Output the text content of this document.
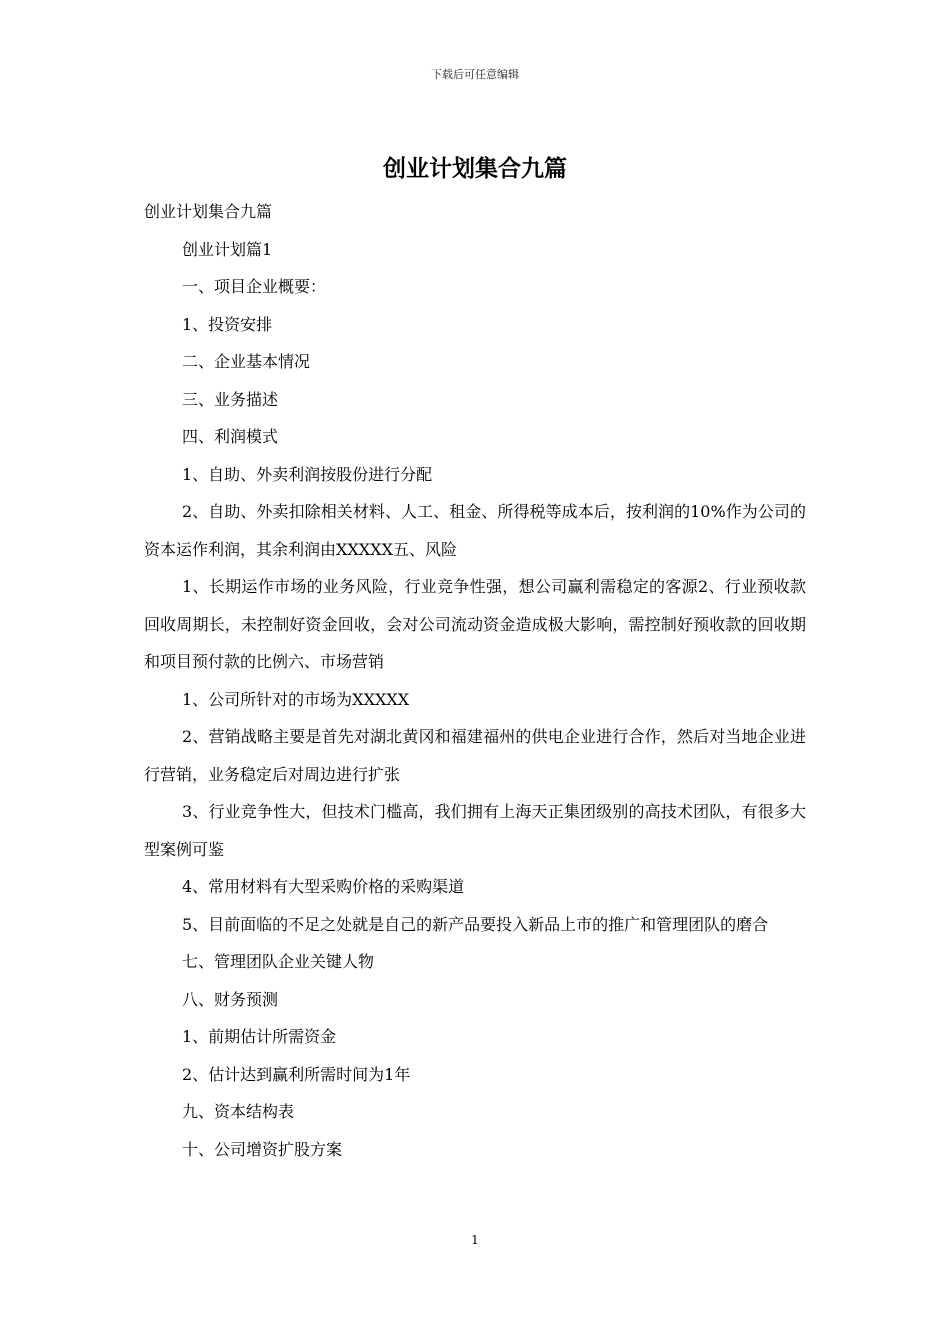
下载后可任意编辑
创业计划集合九篇

创业计划集合九篇

创业计划篇1

一、项目企业概要：

1、投资安排

二、企业基本情况

三、业务描述

四、利润模式

1、自助、外卖利润按股份进行分配

2、自助、外卖扣除相关材料、人工、租金、所得税等成本后，按利润的10%作为公司的资本运作利润，其余利润由XXXXX五、风险

1、长期运作市场的业务风险，行业竞争性强，想公司赢利需稳定的客源2、行业预收款回收周期长，未控制好资金回收，会对公司流动资金造成极大影响，需控制好预收款的回收期和项目预付款的比例六、市场营销

1、公司所针对的市场为XXXXX

2、营销战略主要是首先对湖北黄冈和福建福州的供电企业进行合作，然后对当地企业进行营销，业务稳定后对周边进行扩张

3、行业竞争性大，但技术门槛高，我们拥有上海天正集团级别的高技术团队，有很多大型案例可鉴

4、常用材料有大型采购价格的采购渠道

5、目前面临的不足之处就是自己的新产品要投入新品上市的推广和管理团队的磨合

七、管理团队企业关键人物

八、财务预测

1、前期估计所需资金

2、估计达到赢利所需时间为1年

九、资本结构表

十、公司增资扩股方案

1
